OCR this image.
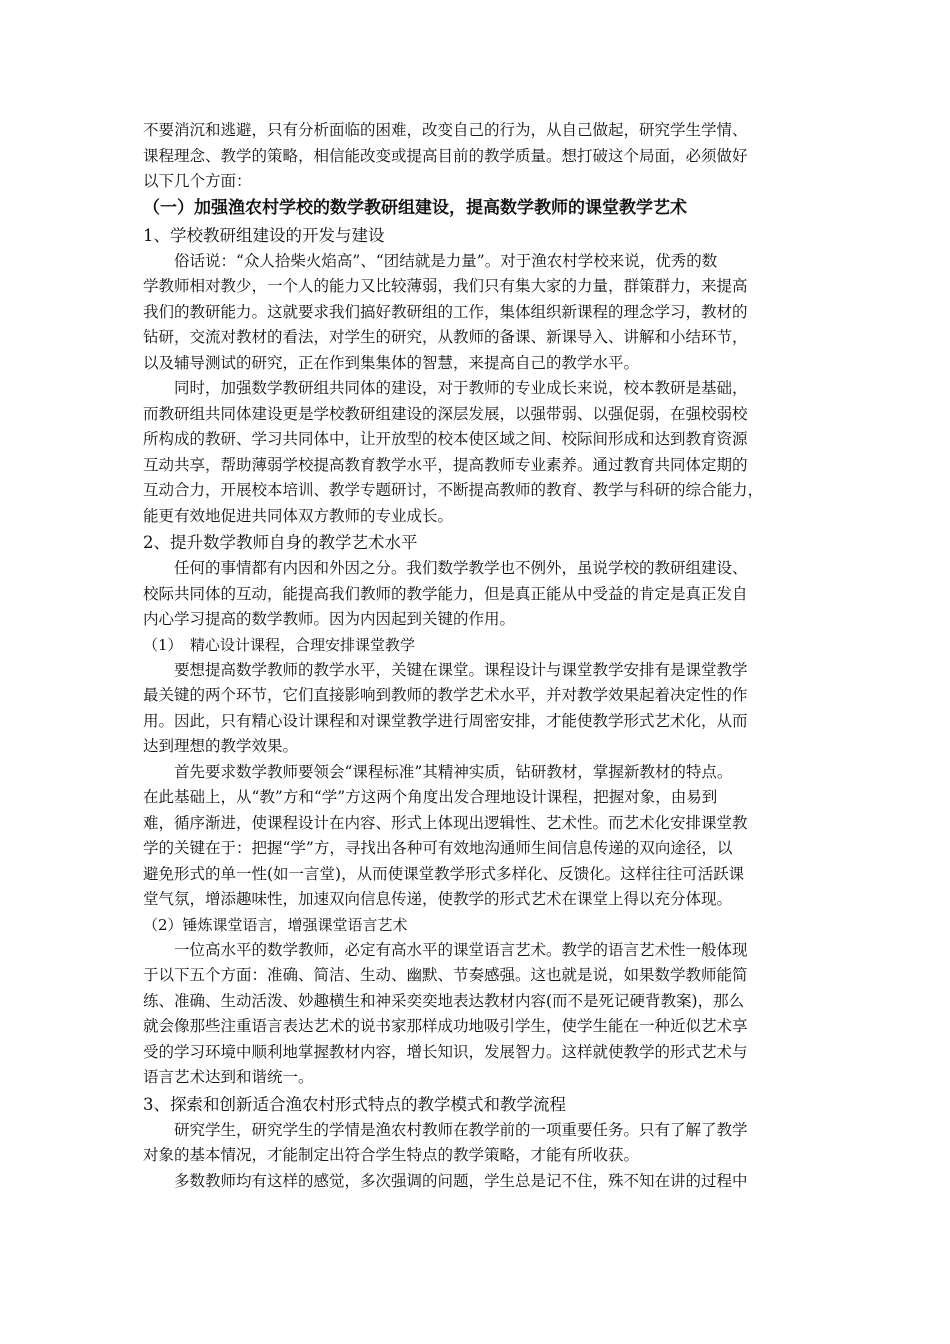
不要消沉和逃避，只有分析面临的困难，改变自己的行为，从自己做起，研究学生学情、
课程理念、教学的策略，相信能改变或提高目前的教学质量。想打破这个局面，必须做好
以下几个方面：
（一）加强渔农村学校的数学教研组建设，提高数学教师的课堂教学艺术
1、学校教研组建设的开发与建设
俗话说：“众人拾柴火焰高”、“团结就是力量”。对于渔农村学校来说，优秀的数
学教师相对教少，一个人的能力又比较薄弱，我们只有集大家的力量，群策群力，来提高
我们的教研能力。这就要求我们搞好教研组的工作，集体组织新课程的理念学习，教材的
钻研，交流对教材的看法，对学生的研究，从教师的备课、新课导入、讲解和小结环节，
以及辅导测试的研究，正在作到集集体的智慧，来提高自己的教学水平。
同时，加强数学教研组共同体的建设，对于教师的专业成长来说，校本教研是基础，
而教研组共同体建设更是学校教研组建设的深层发展，以强带弱、以强促弱，在强校弱校
所构成的教研、学习共同体中，让开放型的校本使区域之间、校际间形成和达到教育资源
互动共享，帮助薄弱学校提高教育教学水平，提高教师专业素养。通过教育共同体定期的
互动合力，开展校本培训、教学专题研讨，不断提高教师的教育、教学与科研的综合能力，
能更有效地促进共同体双方教师的专业成长。
2、提升数学教师自身的教学艺术水平
任何的事情都有内因和外因之分。我们数学教学也不例外，虽说学校的教研组建设、
校际共同体的互动，能提高我们教师的教学能力，但是真正能从中受益的肯定是真正发自
内心学习提高的数学教师。因为内因起到关键的作用。
（1）　精心设计课程，合理安排课堂教学
要想提高数学教师的教学水平，关键在课堂。课程设计与课堂教学安排有是课堂教学
最关键的两个环节，它们直接影响到教师的教学艺术水平，并对教学效果起着决定性的作
用。因此，只有精心设计课程和对课堂教学进行周密安排，才能使教学形式艺术化，从而
达到理想的教学效果。
首先要求数学教师要领会“课程标准”其精神实质，钻研教材，掌握新教材的特点。
在此基础上，从“教”方和“学”方这两个角度出发合理地设计课程，把握对象，由易到
难，循序渐进，使课程设计在内容、形式上体现出逻辑性、艺术性。而艺术化安排课堂教
学的关键在于：把握“学”方，寻找出各种可有效地沟通师生间信息传递的双向途径，以
避免形式的单一性(如一言堂)，从而使课堂教学形式多样化、反馈化。这样往往可活跃课
堂气氛，增添趣味性，加速双向信息传递，使教学的形式艺术在课堂上得以充分体现。
（2）锤炼课堂语言，增强课堂语言艺术
一位高水平的数学教师，必定有高水平的课堂语言艺术。教学的语言艺术性一般体现
于以下五个方面：准确、简洁、生动、幽默、节奏感强。这也就是说，如果数学教师能简
练、准确、生动活泼、妙趣横生和神采奕奕地表达教材内容(而不是死记硬背教案)，那么
就会像那些注重语言表达艺术的说书家那样成功地吸引学生，使学生能在一种近似艺术享
受的学习环境中顺利地掌握教材内容，增长知识，发展智力。这样就使教学的形式艺术与
语言艺术达到和谐统一。
3、探索和创新适合渔农村形式特点的教学模式和教学流程
研究学生，研究学生的学情是渔农村教师在教学前的一项重要任务。只有了解了教学
对象的基本情况，才能制定出符合学生特点的教学策略，才能有所收获。
多数教师均有这样的感觉，多次强调的问题，学生总是记不住，殊不知在讲的过程中
